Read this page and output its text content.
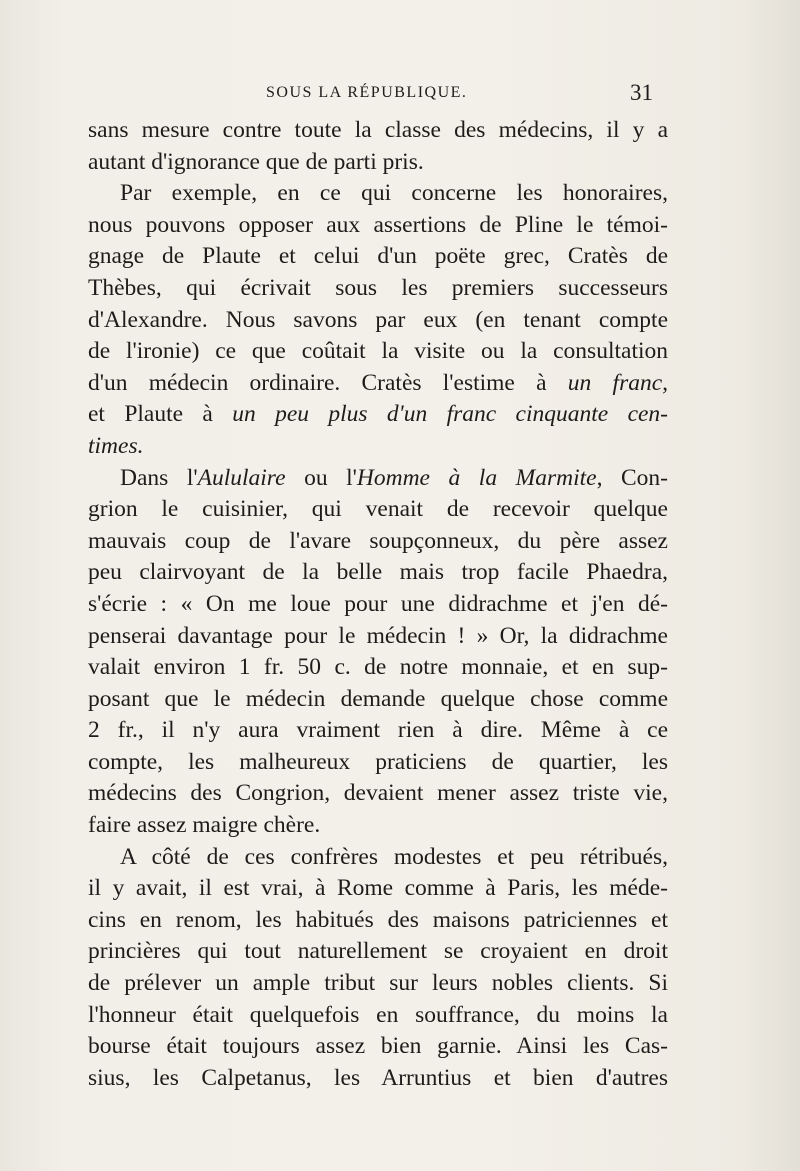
SOUS LA RÉPUBLIQUE.	31
sans mesure contre toute la classe des médecins, il y a
autant d'ignorance que de parti pris.
Par exemple, en ce qui concerne les honoraires,
nous pouvons opposer aux assertions de Pline le témoi-
gnage de Plaute et celui d'un poëte grec, Cratès de
Thèbes, qui écrivait sous les premiers successeurs
d'Alexandre. Nous savons par eux (en tenant compte
de l'ironie) ce que coûtait la visite ou la consultation
d'un médecin ordinaire. Cratès l'estime à un franc,
et Plaute à un peu plus d'un franc cinquante cen-
times.
Dans l'Aululaire ou l'Homme à la Marmite, Con-
grion le cuisinier, qui venait de recevoir quelque
mauvais coup de l'avare soupçonneux, du père assez
peu clairvoyant de la belle mais trop facile Phaedra,
s'écrie : « On me loue pour une didrachme et j'en dé-
penserai davantage pour le médecin ! » Or, la didrachme
valait environ 1 fr. 50 c. de notre monnaie, et en sup-
posant que le médecin demande quelque chose comme
2 fr., il n'y aura vraiment rien à dire. Même à ce
compte, les malheureux praticiens de quartier, les
médecins des Congrion, devaient mener assez triste vie,
faire assez maigre chère.
A côté de ces confrères modestes et peu rétribués,
il y avait, il est vrai, à Rome comme à Paris, les méde-
cins en renom, les habitués des maisons patriciennes et
princières qui tout naturellement se croyaient en droit
de prélever un ample tribut sur leurs nobles clients. Si
l'honneur était quelquefois en souffrance, du moins la
bourse était toujours assez bien garnie. Ainsi les Cas-
sius, les Calpetanus, les Arruntius et bien d'autres
